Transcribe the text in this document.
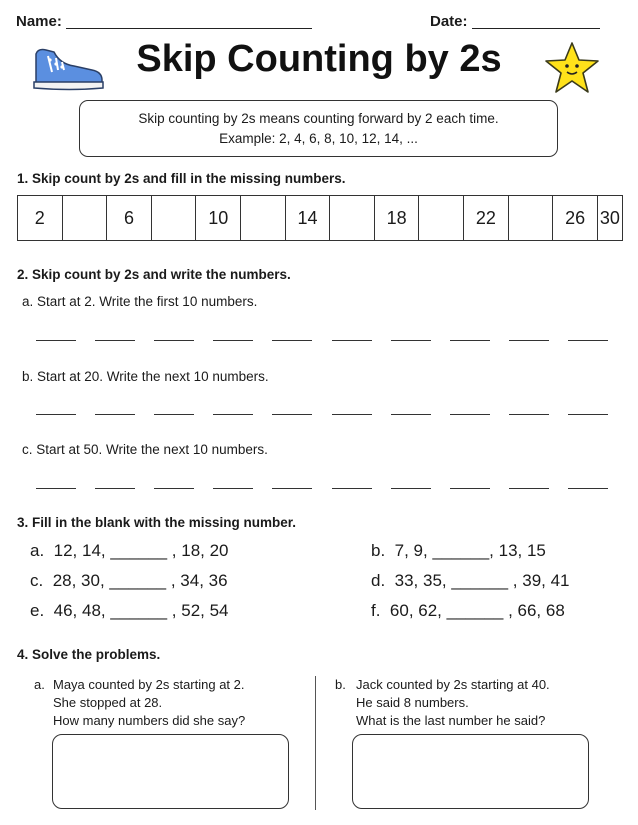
Name:	Date:
Skip Counting by 2s
Skip counting by 2s means counting forward by 2 each time.
Example: 2, 4, 6, 8, 10, 12, 14, ...
1. Skip count by 2s and fill in the missing numbers.
2	6	10	14	18	22	26 30
2. Skip count by 2s and write the numbers.
a. Start at 2. Write the first 10 numbers.
b. Start at 20. Write the next 10 numbers.
c. Start at 50. Write the next 10 numbers.
3. Fill in the blank with the missing number.
a. 12, 14, ______ , 18, 20	b. 7, 9, ______, 13, 15
c. 28, 30, ______ , 34, 36	d. 33, 35, ______ , 39, 41
e. 46, 48, ______ , 52, 54	f. 60, 62, ______ , 66, 68
4. Solve the problems.
a. Maya counted by 2s starting at 2.
She stopped at 28.
How many numbers did she say?
b. Jack counted by 2s starting at 40.
He said 8 numbers.
What is the last number he said?
